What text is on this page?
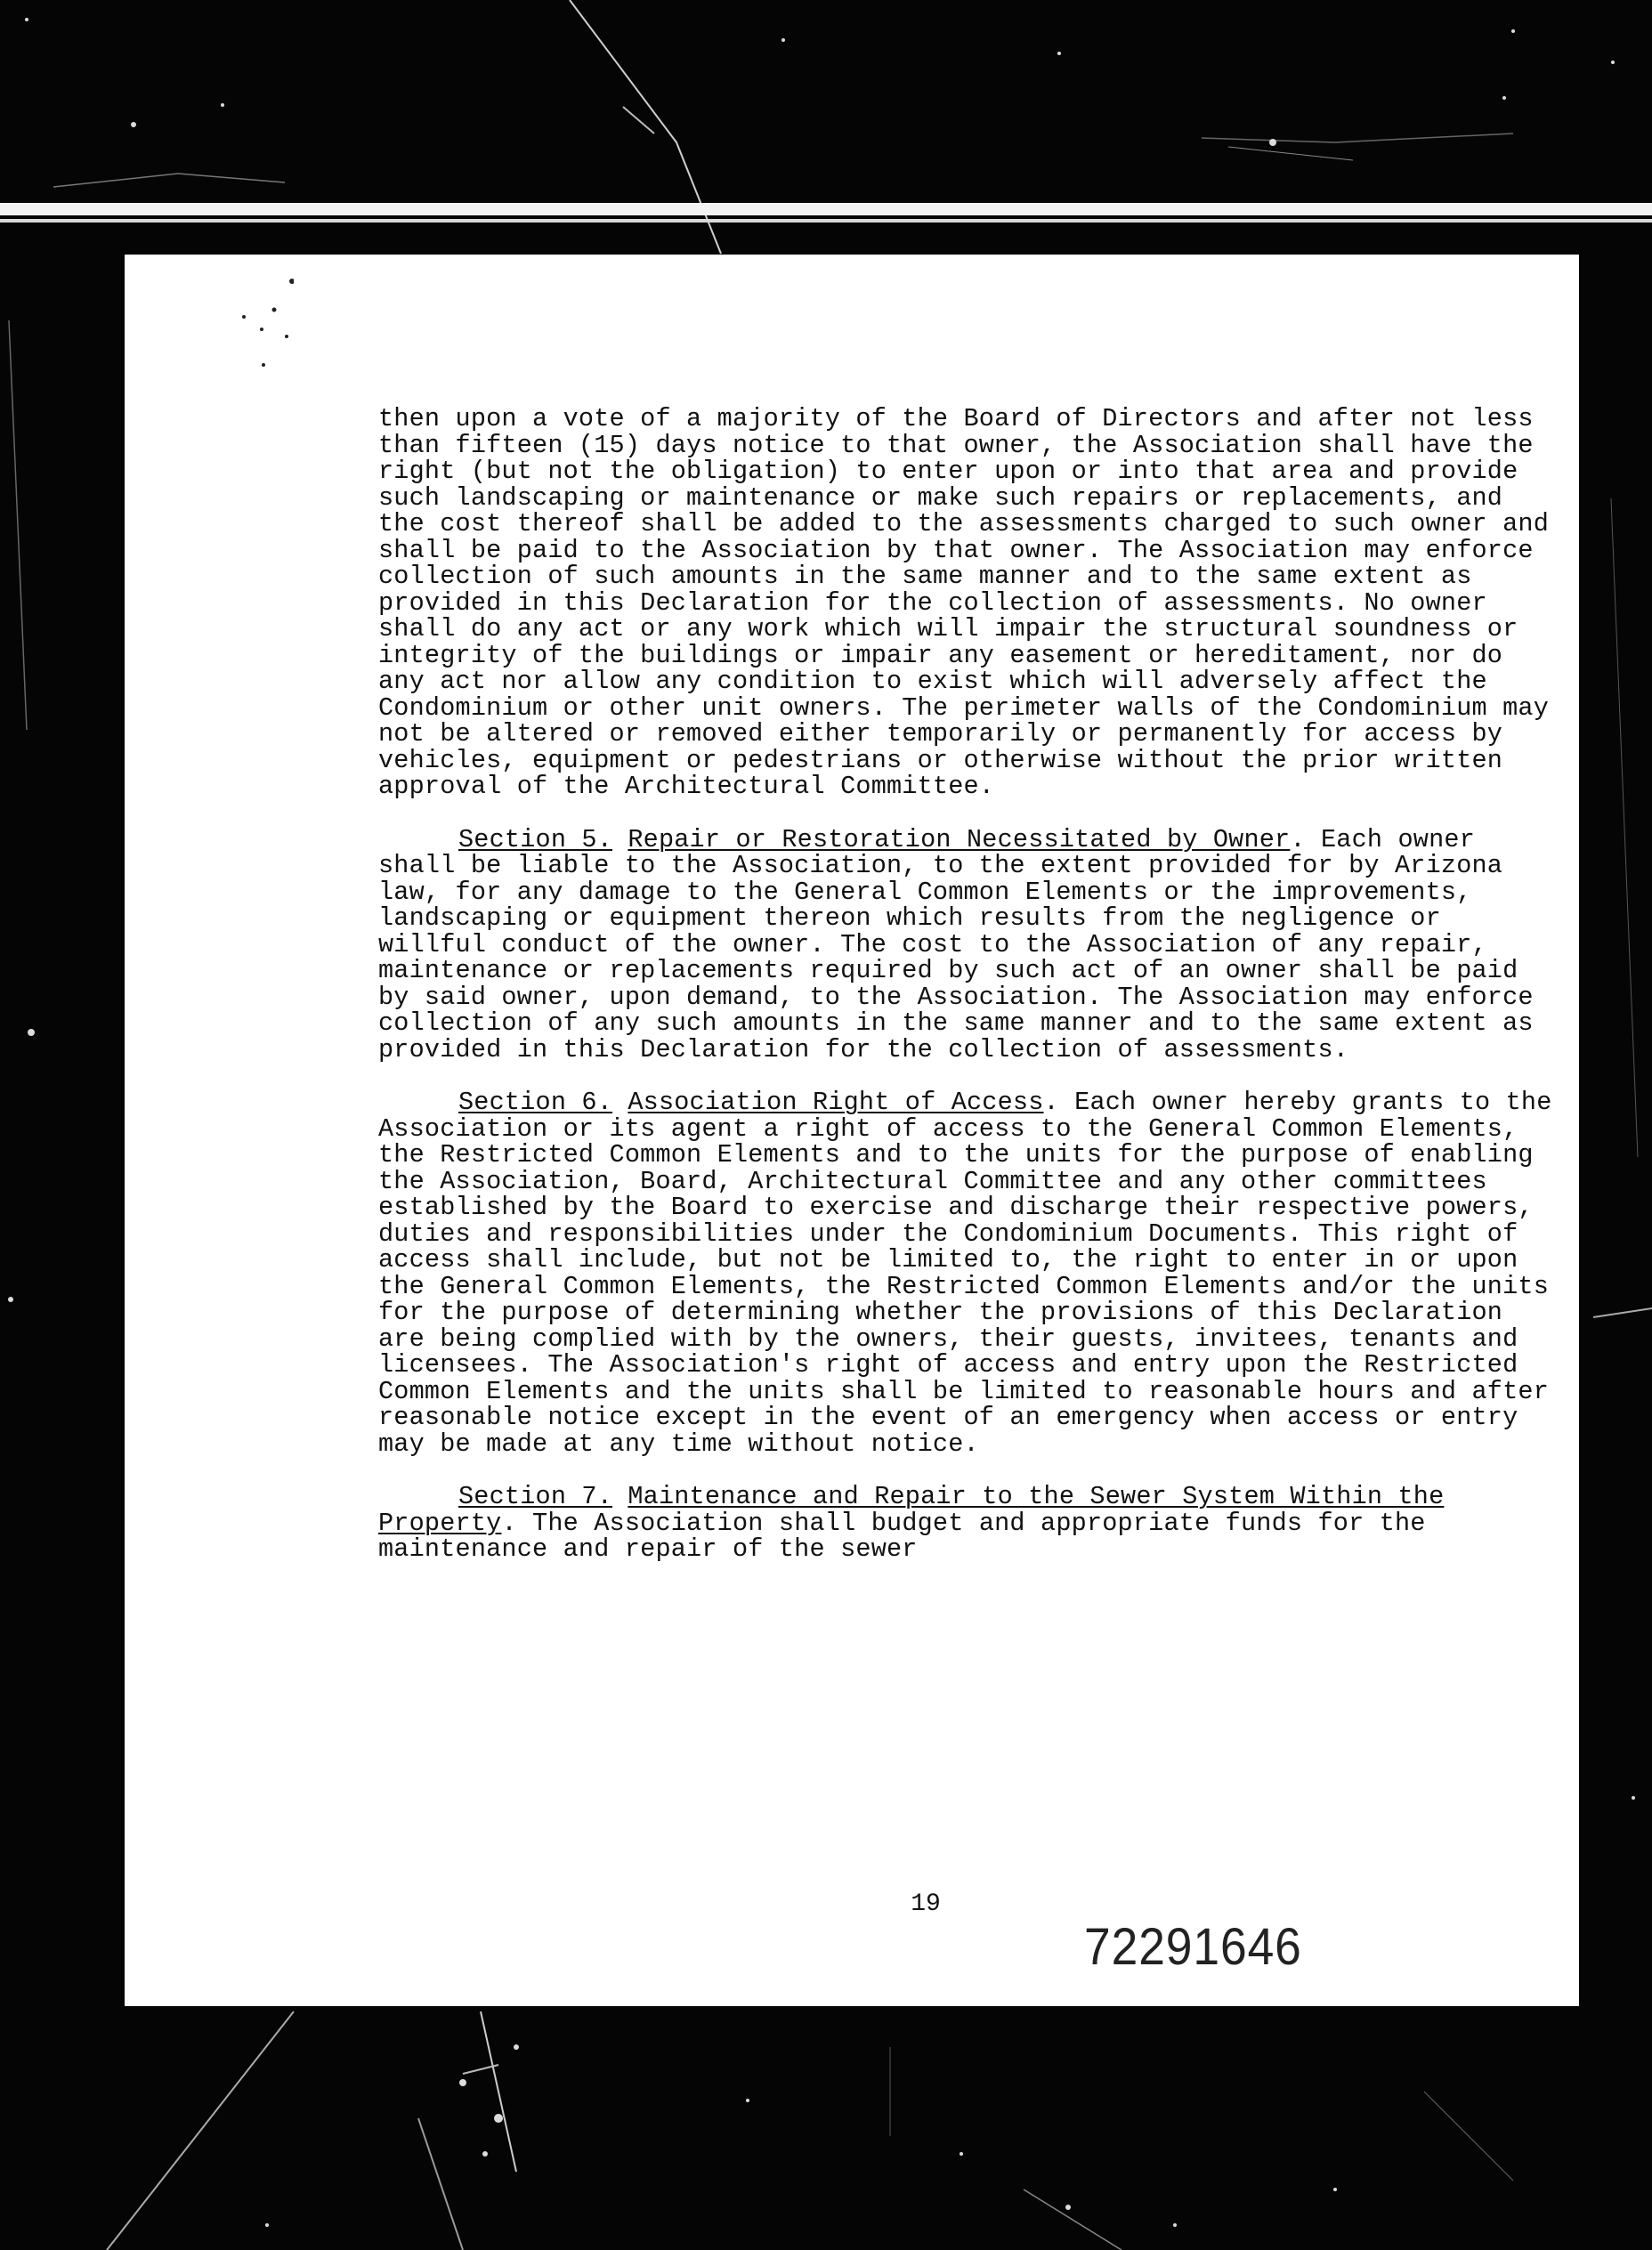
then upon a vote of a majority of the Board of Directors and after not less than fifteen (15) days notice to that owner, the Association shall have the right (but not the obligation) to enter upon or into that area and provide such landscaping or maintenance or make such repairs or replacements, and the cost thereof shall be added to the assessments charged to such owner and shall be paid to the Association by that owner. The Association may enforce collection of such amounts in the same manner and to the same extent as provided in this Declaration for the collection of assessments. No owner shall do any act or any work which will impair the structural soundness or integrity of the buildings or impair any easement or hereditament, nor do any act nor allow any condition to exist which will adversely affect the Condominium or other unit owners. The perimeter walls of the Condominium may not be altered or removed either temporarily or permanently for access by vehicles, equipment or pedestrians or otherwise without the prior written approval of the Architectural Committee.

Section 5. Repair or Restoration Necessitated by Owner. Each owner shall be liable to the Association, to the extent provided for by Arizona law, for any damage to the General Common Elements or the improvements, landscaping or equipment thereon which results from the negligence or willful conduct of the owner. The cost to the Association of any repair, maintenance or replacements required by such act of an owner shall be paid by said owner, upon demand, to the Association. The Association may enforce collection of any such amounts in the same manner and to the same extent as provided in this Declaration for the collection of assessments.

Section 6. Association Right of Access. Each owner hereby grants to the Association or its agent a right of access to the General Common Elements, the Restricted Common Elements and to the units for the purpose of enabling the Association, Board, Architectural Committee and any other committees established by the Board to exercise and discharge their respective powers, duties and responsibilities under the Condominium Documents. This right of access shall include, but not be limited to, the right to enter in or upon the General Common Elements, the Restricted Common Elements and/or the units for the purpose of determining whether the provisions of this Declaration are being complied with by the owners, their guests, invitees, tenants and licensees. The Association's right of access and entry upon the Restricted Common Elements and the units shall be limited to reasonable hours and after reasonable notice except in the event of an emergency when access or entry may be made at any time without notice.

Section 7. Maintenance and Repair to the Sewer System Within the Property. The Association shall budget and appropriate funds for the maintenance and repair of the sewer

19
72291646
